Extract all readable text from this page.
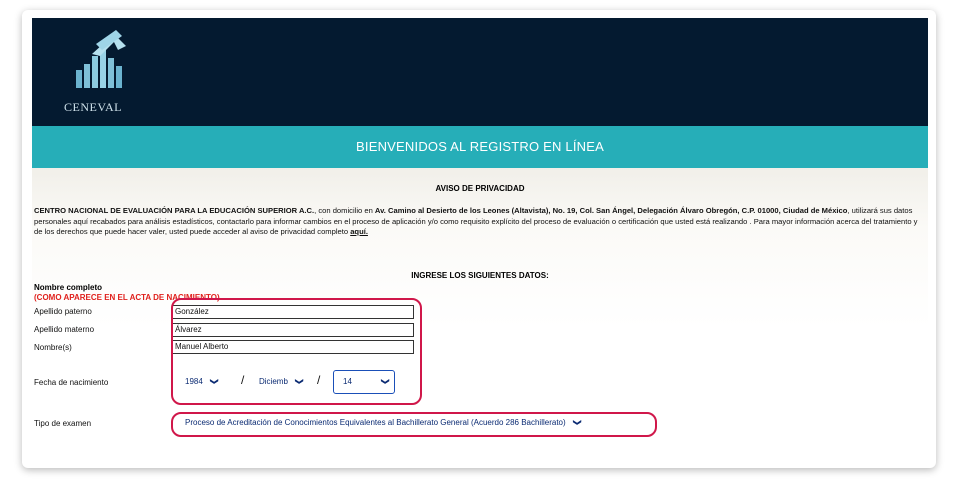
CENEVAL
BIENVENIDOS AL REGISTRO EN LÍNEA
AVISO DE PRIVACIDAD
CENTRO NACIONAL DE EVALUACIÓN PARA LA EDUCACIÓN SUPERIOR A.C., con domicilio en Av. Camino al Desierto de los Leones (Altavista), No. 19, Col. San Ángel, Delegación Álvaro Obregón, C.P. 01000, Ciudad de México, utilizará sus datos personales aquí recabados para análisis estadísticos, contactarlo para informar cambios en el proceso de aplicación y/o como requisito explícito del proceso de evaluación o certificación que usted está realizando . Para mayor información acerca del tratamiento y de los derechos que puede hacer valer, usted puede acceder al aviso de privacidad completo aquí.
INGRESE LOS SIGUIENTES DATOS:
Nombre completo
(COMO APARECE EN EL ACTA DE NACIMIENTO)
Apellido paterno	González
Apellido materno	Álvarez
Nombre(s)	Manuel Alberto
Fecha de nacimiento	1984 ❯ / Diciemb ❯ /	14	❯
Tipo de examen	Proceso de Acreditación de Conocimientos Equivalentes al Bachillerato General (Acuerdo 286 Bachillerato) ❯
